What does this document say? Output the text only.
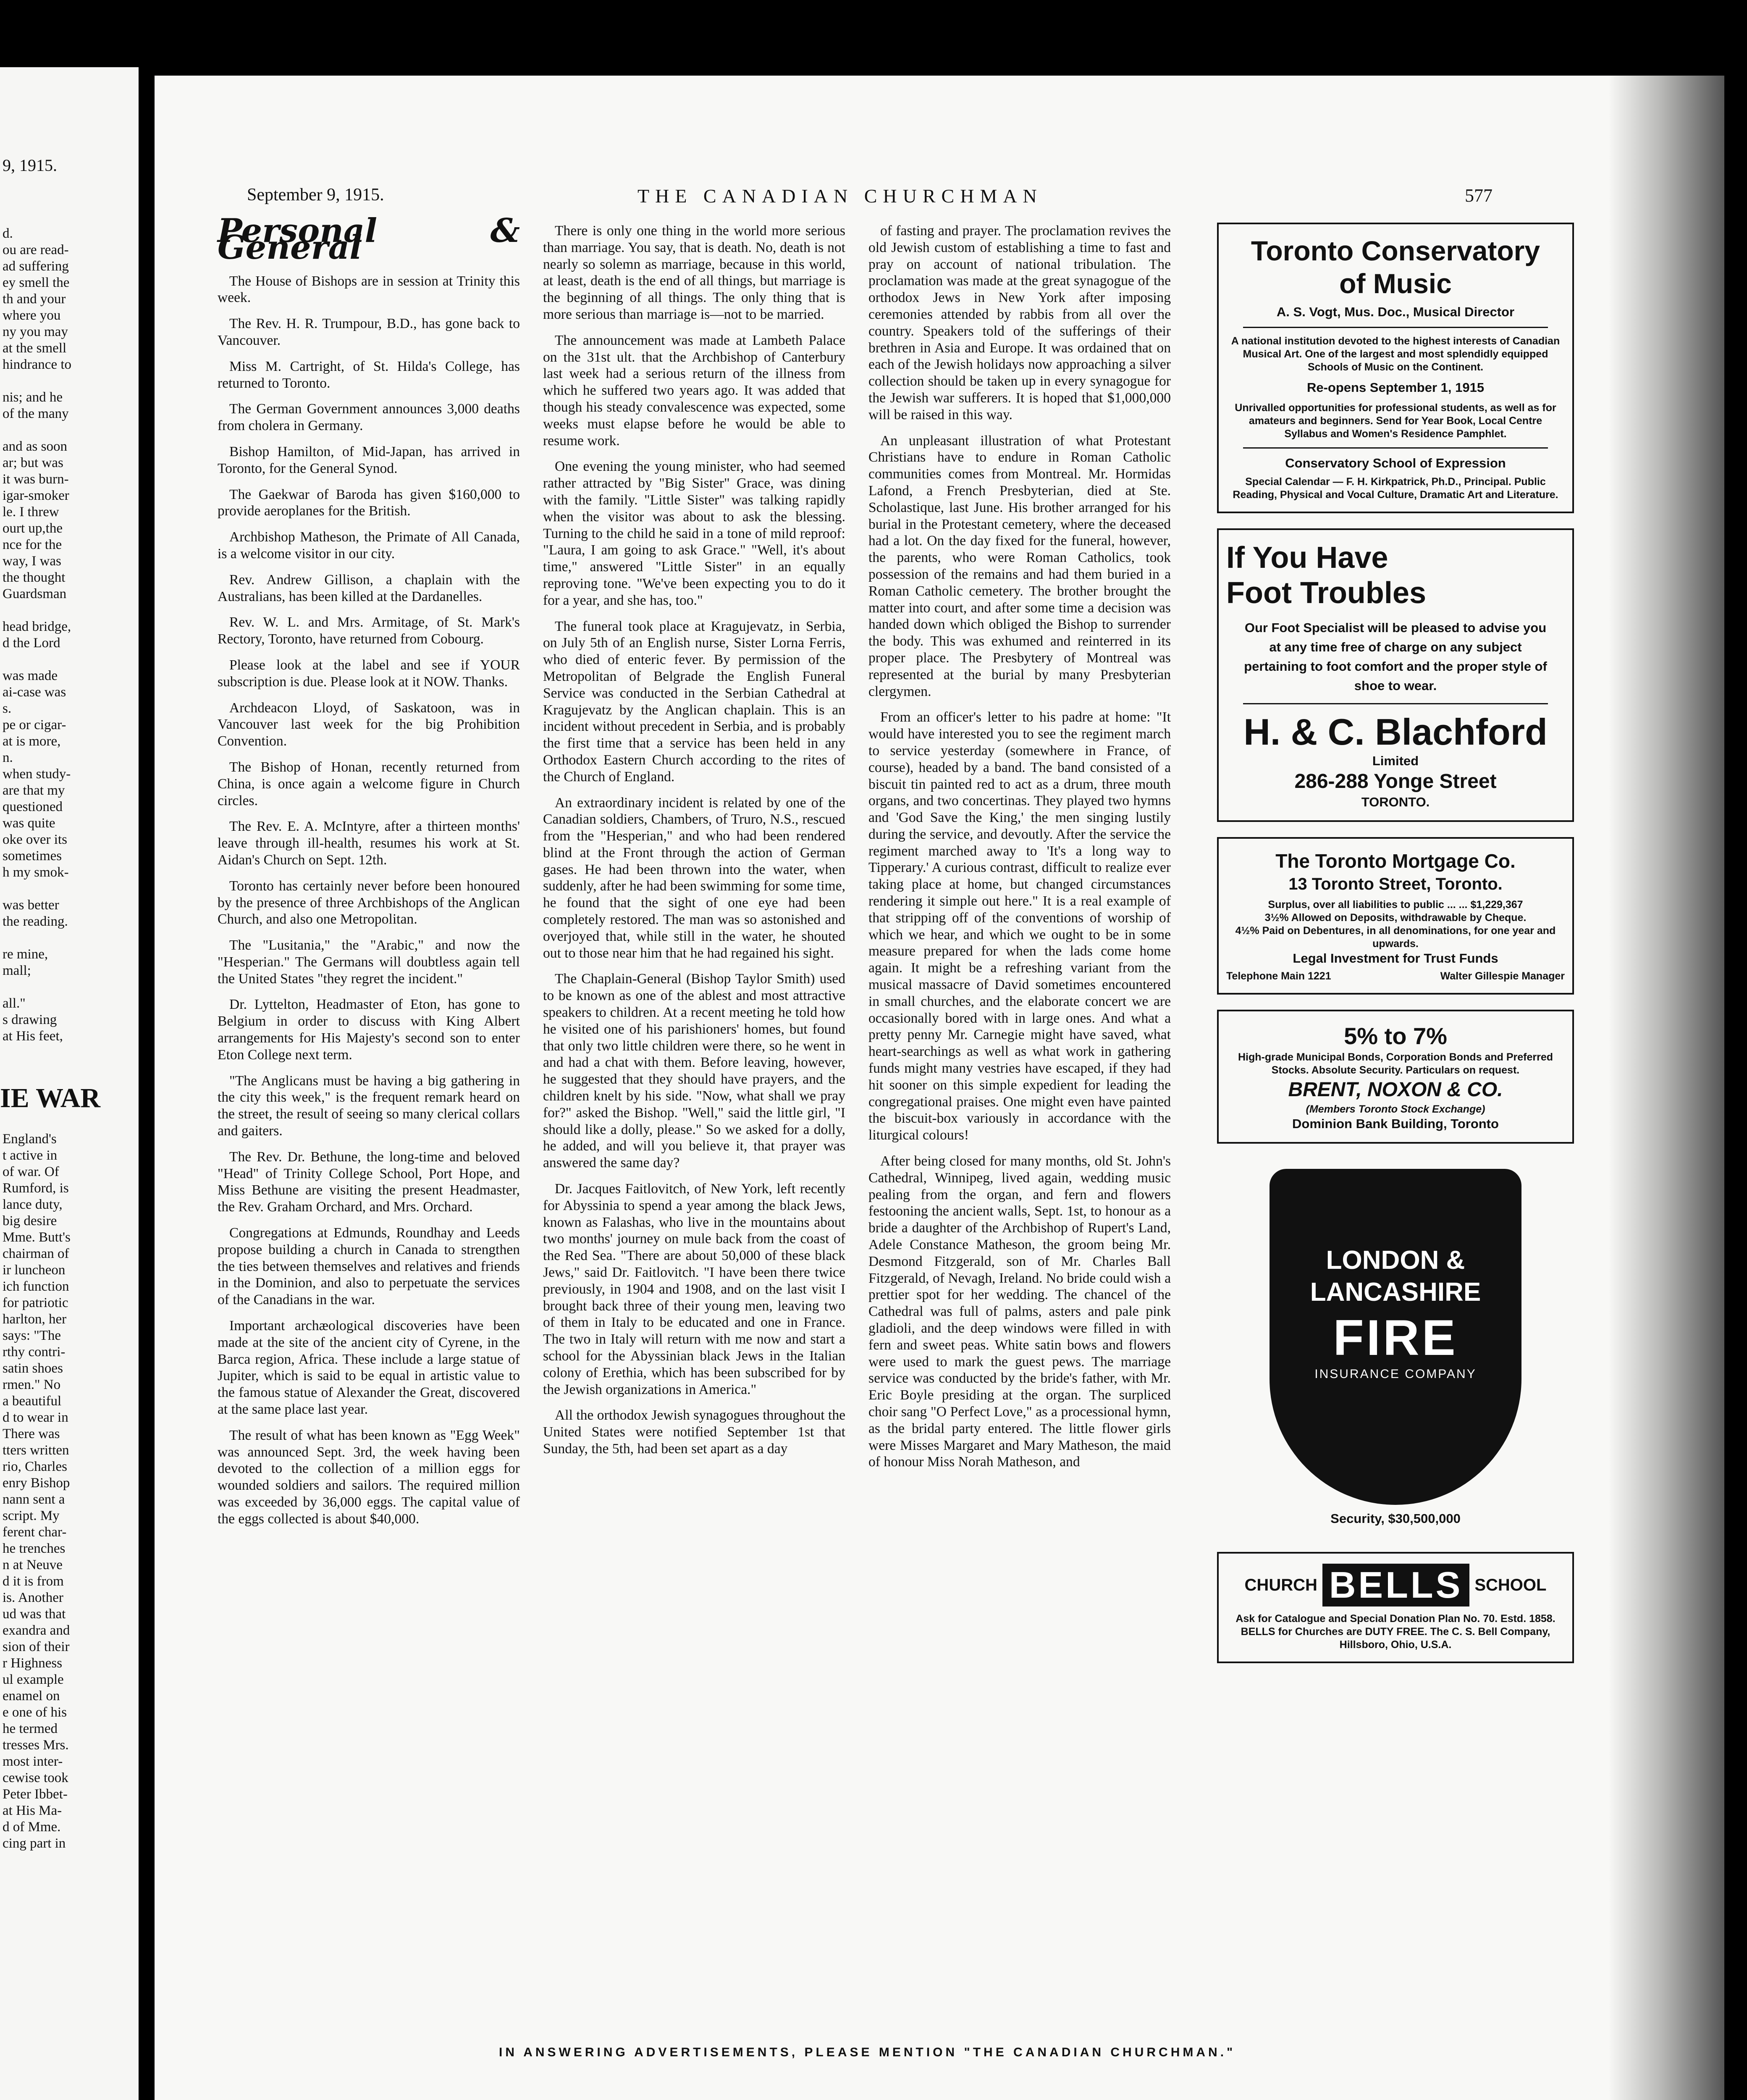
9, 1915.
d.
ou are read-
ad suffering
ey smell the
th and your
where you
ny you may
at the smell
hindrance to
nis; and he
of the many
and as soon
ar; but was
it was burn-
igar-smoker
le. I threw
ourt up,the
nce for the
way, I was
the thought
Guardsman
head bridge,
d the Lord
was made
ai-case was
s.
pe or cigar-
at is more,
n.
when study-
are that my
questioned
was quite
oke over its
sometimes
h my smok-
was better
the reading.
re mine,
mall;
all."
s drawing
at His feet,
IE WAR
England's
t active in
of war. Of
Rumford, is
lance duty,
big desire
Mme. Butt's
chairman of
ir luncheon
ich function
for patriotic
harlton, her
says: "The
rthy contri-
satin shoes
rmen." No
a beautiful
d to wear in
There was
tters written
rio, Charles
enry Bishop
nann sent a
script. My
ferent char-
he trenches
n at Neuve
d it is from
is. Another
ud was that
exandra and
sion of their
r Highness
ul example
enamel on
e one of his
he termed
tresses Mrs.
most inter-
cewise took
Peter Ibbet-
at His Ma-
d of Mme.
cing part in
September 9, 1915.	THE CANADIAN CHURCHMAN	577

Personal & General

The House of Bishops are in session at Trinity this week.

The Rev. H. R. Trumpour, B.D., has gone back to Vancouver.

Miss M. Cartright, of St. Hilda's College, has returned to Toronto.

The German Government announces 3,000 deaths from cholera in Germany.

Bishop Hamilton, of Mid-Japan, has arrived in Toronto, for the General Synod.

The Gaekwar of Baroda has given $160,000 to provide aeroplanes for the British.

Archbishop Matheson, the Primate of All Canada, is a welcome visitor in our city.

Rev. Andrew Gillison, a chaplain with the Australians, has been killed at the Dardanelles.

Rev. W. L. and Mrs. Armitage, of St. Mark's Rectory, Toronto, have returned from Cobourg.

Please look at the label and see if YOUR subscription is due. Please look at it NOW. Thanks.

Archdeacon Lloyd, of Saskatoon, was in Vancouver last week for the big Prohibition Convention.

The Bishop of Honan, recently returned from China, is once again a welcome figure in Church circles.

The Rev. E. A. McIntyre, after a thirteen months' leave through ill-health, resumes his work at St. Aidan's Church on Sept. 12th.

Toronto has certainly never before been honoured by the presence of three Archbishops of the Anglican Church, and also one Metropolitan.

The "Lusitania," the "Arabic," and now the "Hesperian." The Germans will doubtless again tell the United States "they regret the incident."

Dr. Lyttelton, Headmaster of Eton, has gone to Belgium in order to discuss with King Albert arrangements for His Majesty's second son to enter Eton College next term.

"The Anglicans must be having a big gathering in the city this week," is the frequent remark heard on the street, the result of seeing so many clerical collars and gaiters.

The Rev. Dr. Bethune, the long-time and beloved "Head" of Trinity College School, Port Hope, and Miss Bethune are visiting the present Headmaster, the Rev. Graham Orchard, and Mrs. Orchard.

Congregations at Edmunds, Roundhay and Leeds propose building a church in Canada to strengthen the ties between themselves and relatives and friends in the Dominion, and also to perpetuate the services of the Canadians in the war.

Important archæological discoveries have been made at the site of the ancient city of Cyrene, in the Barca region, Africa. These include a large statue of Jupiter, which is said to be equal in artistic value to the famous statue of Alexander the Great, discovered at the same place last year.

The result of what has been known as "Egg Week" was announced Sept. 3rd, the week having been devoted to the collection of a million eggs for wounded soldiers and sailors. The required million was exceeded by 36,000 eggs. The capital value of the eggs collected is about $40,000.

There is only one thing in the world more serious than marriage. You say, that is death. No, death is not nearly so solemn as marriage, because in this world, at least, death is the end of all things, but marriage is the beginning of all things. The only thing that is more serious than marriage is—not to be married.

The announcement was made at Lambeth Palace on the 31st ult. that the Archbishop of Canterbury last week had a serious return of the illness from which he suffered two years ago. It was added that though his steady convalescence was expected, some weeks must elapse before he would be able to resume work.

One evening the young minister, who had seemed rather attracted by "Big Sister" Grace, was dining with the family. "Little Sister" was talking rapidly when the visitor was about to ask the blessing. Turning to the child he said in a tone of mild reproof: "Laura, I am going to ask Grace." "Well, it's about time," answered "Little Sister" in an equally reproving tone. "We've been expecting you to do it for a year, and she has, too."

The funeral took place at Kragujevatz, in Serbia, on July 5th of an English nurse, Sister Lorna Ferris, who died of enteric fever. By permission of the Metropolitan of Belgrade the English Funeral Service was conducted in the Serbian Cathedral at Kragujevatz by the Anglican chaplain. This is an incident without precedent in Serbia, and is probably the first time that a service has been held in any Orthodox Eastern Church according to the rites of the Church of England.

An extraordinary incident is related by one of the Canadian soldiers, Chambers, of Truro, N.S., rescued from the "Hesperian," and who had been rendered blind at the Front through the action of German gases. He had been thrown into the water, when suddenly, after he had been swimming for some time, he found that the sight of one eye had been completely restored. The man was so astonished and overjoyed that, while still in the water, he shouted out to those near him that he had regained his sight.

The Chaplain-General (Bishop Taylor Smith) used to be known as one of the ablest and most attractive speakers to children. At a recent meeting he told how he visited one of his parishioners' homes, but found that only two little children were there, so he went in and had a chat with them. Before leaving, however, he suggested that they should have prayers, and the children knelt by his side. "Now, what shall we pray for?" asked the Bishop. "Well," said the little girl, "I should like a dolly, please." So we asked for a dolly, he added, and will you believe it, that prayer was answered the same day?

Dr. Jacques Faitlovitch, of New York, left recently for Abyssinia to spend a year among the black Jews, known as Falashas, who live in the mountains about two months' journey on mule back from the coast of the Red Sea. "There are about 50,000 of these black Jews," said Dr. Faitlovitch. "I have been there twice previously, in 1904 and 1908, and on the last visit I brought back three of their young men, leaving two of them in Italy to be educated and one in France. The two in Italy will return with me now and start a school for the Abyssinian black Jews in the Italian colony of Erethia, which has been subscribed for by the Jewish organizations in America."

All the orthodox Jewish synagogues throughout the United States were notified September 1st that Sunday, the 5th, had been set apart as a day

of fasting and prayer. The proclamation revives the old Jewish custom of establishing a time to fast and pray on account of national tribulation. The proclamation was made at the great synagogue of the orthodox Jews in New York after imposing ceremonies attended by rabbis from all over the country. Speakers told of the sufferings of their brethren in Asia and Europe. It was ordained that on each of the Jewish holidays now approaching a silver collection should be taken up in every synagogue for the Jewish war sufferers. It is hoped that $1,000,000 will be raised in this way.

An unpleasant illustration of what Protestant Christians have to endure in Roman Catholic communities comes from Montreal. Mr. Hormidas Lafond, a French Presbyterian, died at Ste. Scholastique, last June. His brother arranged for his burial in the Protestant cemetery, where the deceased had a lot. On the day fixed for the funeral, however, the parents, who were Roman Catholics, took possession of the remains and had them buried in a Roman Catholic cemetery. The brother brought the matter into court, and after some time a decision was handed down which obliged the Bishop to surrender the body. This was exhumed and reinterred in its proper place. The Presbytery of Montreal was represented at the burial by many Presbyterian clergymen.

From an officer's letter to his padre at home: "It would have interested you to see the regiment march to service yesterday (somewhere in France, of course), headed by a band. The band consisted of a biscuit tin painted red to act as a drum, three mouth organs, and two concertinas. They played two hymns and 'God Save the King,' the men singing lustily during the service, and devoutly. After the service the regiment marched away to 'It's a long way to Tipperary.' A curious contrast, difficult to realize ever taking place at home, but changed circumstances rendering it simple out here." It is a real example of that stripping off of the conventions of worship of which we hear, and which we ought to be in some measure prepared for when the lads come home again. It might be a refreshing variant from the musical massacre of David sometimes encountered in small churches, and the elaborate concert we are occasionally bored with in large ones. And what a pretty penny Mr. Carnegie might have saved, what heart-searchings as well as what work in gathering funds might many vestries have escaped, if they had hit sooner on this simple expedient for leading the congregational praises. One might even have painted the biscuit-box variously in accordance with the liturgical colours!

After being closed for many months, old St. John's Cathedral, Winnipeg, lived again, wedding music pealing from the organ, and fern and flowers festooning the ancient walls, Sept. 1st, to honour as a bride a daughter of the Archbishop of Rupert's Land, Adele Constance Matheson, the groom being Mr. Desmond Fitzgerald, son of Mr. Charles Ball Fitzgerald, of Nevagh, Ireland. No bride could wish a prettier spot for her wedding. The chancel of the Cathedral was full of palms, asters and pale pink gladioli, and the deep windows were filled in with fern and sweet peas. White satin bows and flowers were used to mark the guest pews. The marriage service was conducted by the bride's father, with Mr. Eric Boyle presiding at the organ. The surpliced choir sang "O Perfect Love," as a processional hymn, as the bridal party entered. The little flower girls were Misses Margaret and Mary Matheson, the maid of honour Miss Norah Matheson, and

Toronto Conservatory
of Music
A. S. Vogt, Mus. Doc., Musical Director
A national institution devoted to the highest interests of Canadian Musical Art. One of the largest and most splendidly equipped Schools of Music on the Continent.
Re-opens September 1, 1915
Unrivalled opportunities for professional students, as well as for amateurs and beginners. Send for Year Book, Local Centre Syllabus and Women's Residence Pamphlet.
Conservatory School of Expression
Special Calendar — F. H. Kirkpatrick, Ph.D., Principal. Public Reading, Physical and Vocal Culture, Dramatic Art and Literature.
If You Have
Foot Troubles
Our Foot Specialist will be pleased to advise you at any time free of charge on any subject pertaining to foot comfort and the proper style of shoe to wear.
H. & C. Blachford
Limited
286-288 Yonge Street
TORONTO.
The Toronto Mortgage Co.
13 Toronto Street, Toronto.
Surplus, over all liabilities to public ... ... $1,229,367
3½% Allowed on Deposits, withdrawable by Cheque.
4½% Paid on Debentures, in all denominations, for one year and upwards.
Legal Investment for Trust Funds
Telephone Main 1221	Walter Gillespie Manager
5% to 7%
High-grade Municipal Bonds, Corporation Bonds and Preferred Stocks. Absolute Security. Particulars on request.
BRENT, NOXON & CO.
(Members Toronto Stock Exchange)
Dominion Bank Building, Toronto
LONDON &
LANCASHIRE
FIRE
INSURANCE COMPANY
Security, $30,500,000
CHURCH BELLS SCHOOL
Ask for Catalogue and Special Donation Plan No. 70. Estd. 1858. BELLS for Churches are DUTY FREE. The C. S. Bell Company, Hillsboro, Ohio, U.S.A.
IN ANSWERING ADVERTISEMENTS, PLEASE MENTION "THE CANADIAN CHURCHMAN."
